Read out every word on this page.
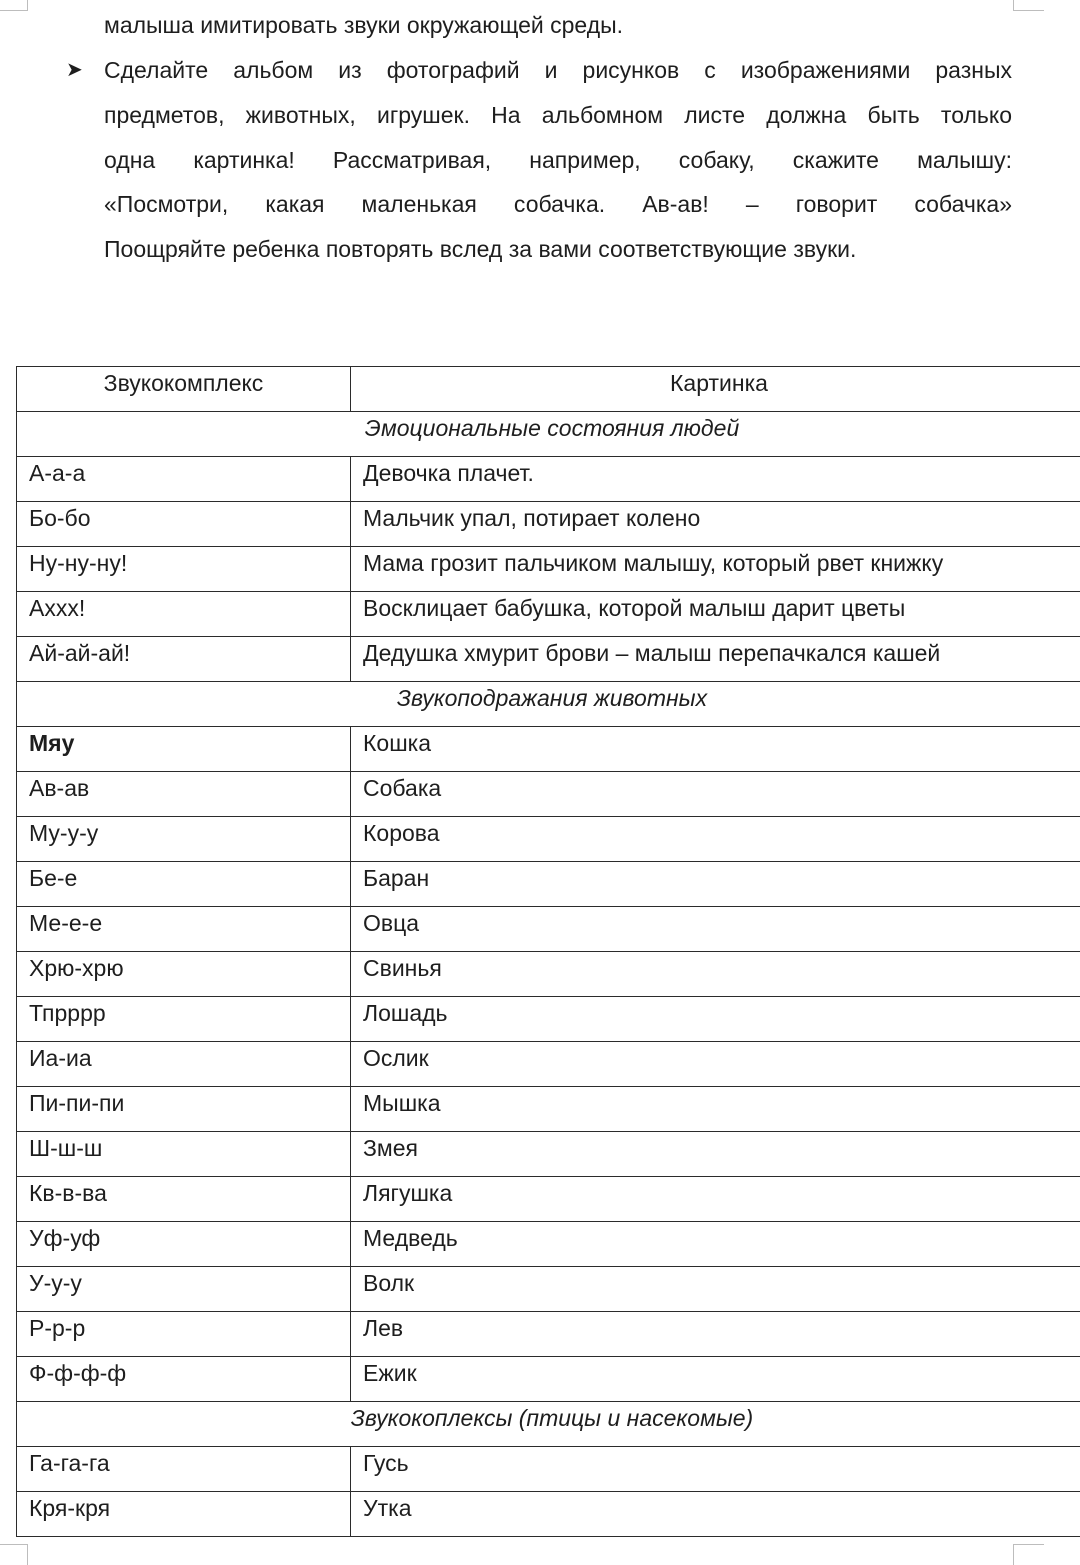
малыша имитировать звуки окружающей среды.
➤ Сделайте альбом из фотографий и рисунков с изображениями разных
предметов, животных, игрушек. На альбомном листе должна быть только
одна картинка! Рассматривая, например, собаку, скажите малышу:
«Посмотри, какая маленькая собачка. Ав-ав! – говорит собачка»
Поощряйте ребенка повторять вслед за вами соответствующие звуки.
Звукокомплекс	Картинка
Эмоциональные состояния людей	
А-а-а	Девочка плачет.
Бо-бо	Мальчик упал, потирает колено
Ну-ну-ну!	Мама грозит пальчиком малышу, который рвет книжку
Аххх!	Восклицает бабушка, которой малыш дарит цветы
Ай-ай-ай!	Дедушка хмурит брови – малыш перепачкался кашей
Звукоподражания животных	
Мяу	Кошка
Ав-ав	Собака
Му-у-у	Корова
Бе-е	Баран
Ме-е-е	Овца
Хрю-хрю	Свинья
Тпрррр	Лошадь
Иа-иа	Ослик
Пи-пи-пи	Мышка
Ш-ш-ш	Змея
Кв-в-ва	Лягушка
Уф-уф	Медведь
У-у-у	Волк
Р-р-р	Лев
Ф-ф-ф-ф	Ежик
Звукокоплексы (птицы и насекомые)	
Га-га-га	Гусь
Кря-кря	Утка
